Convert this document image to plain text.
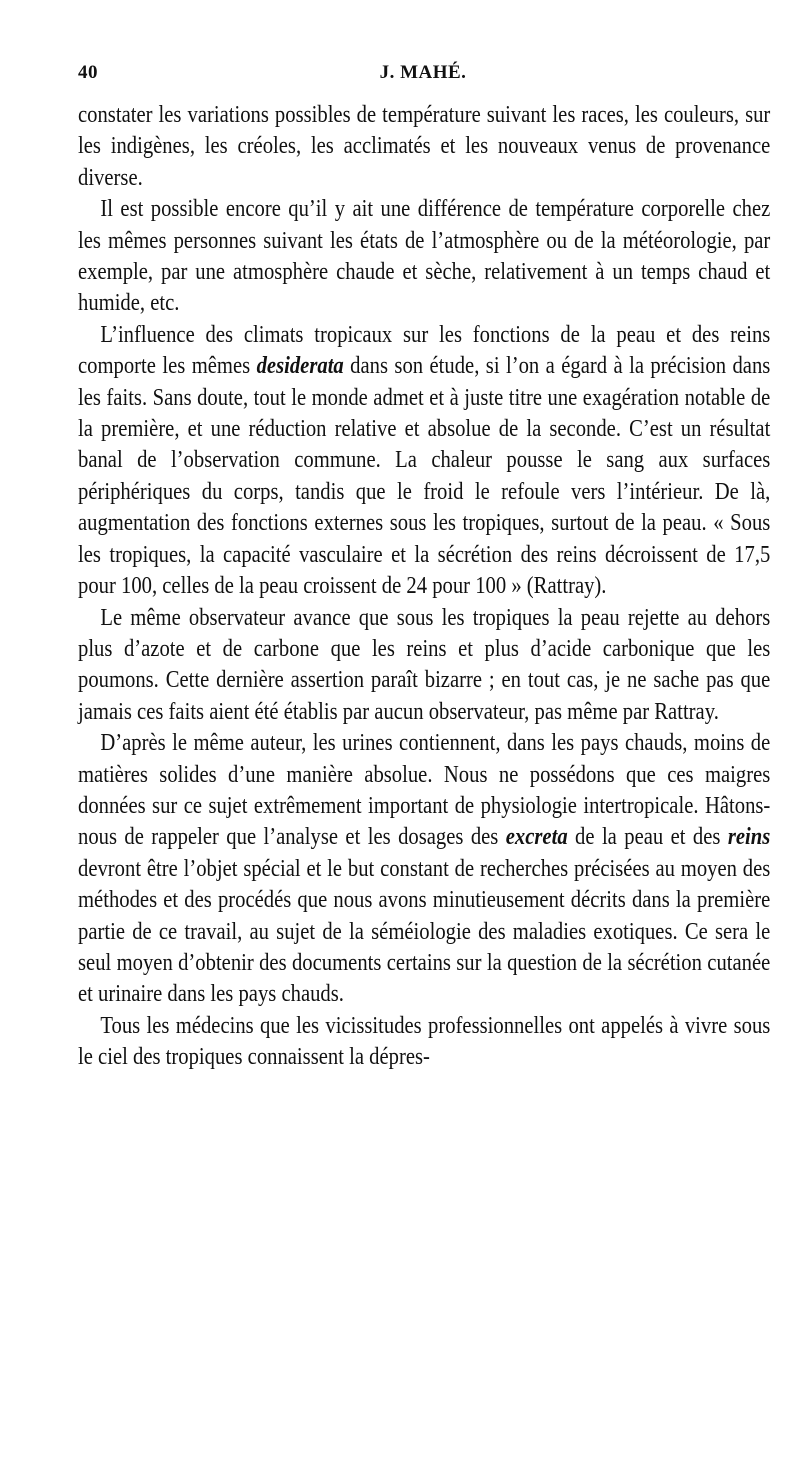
40	J. MAHÉ.

constater les variations possibles de température suivant les races, les couleurs, sur les indigènes, les créoles, les acclimatés et les nouveaux venus de provenance diverse.

Il est possible encore qu’il y ait une différence de température corporelle chez les mêmes personnes suivant les états de l’atmosphère ou de la météorologie, par exemple, par une atmosphère chaude et sèche, relativement à un temps chaud et humide, etc.

L’influence des climats tropicaux sur les fonctions de la peau et des reins comporte les mêmes desiderata dans son étude, si l’on a égard à la précision dans les faits. Sans doute, tout le monde admet et à juste titre une exagération notable de la première, et une réduction relative et absolue de la seconde. C’est un résultat banal de l’observation commune. La chaleur pousse le sang aux surfaces périphériques du corps, tandis que le froid le refoule vers l’intérieur. De là, augmentation des fonctions externes sous les tropiques, surtout de la peau. « Sous les tropiques, la capacité vasculaire et la sécrétion des reins décroissent de 17,5 pour 100, celles de la peau croissent de 24 pour 100 » (Rattray).

Le même observateur avance que sous les tropiques la peau rejette au dehors plus d’azote et de carbone que les reins et plus d’acide carbonique que les poumons. Cette dernière assertion paraît bizarre ; en tout cas, je ne sache pas que jamais ces faits aient été établis par aucun observateur, pas même par Rattray.

D’après le même auteur, les urines contiennent, dans les pays chauds, moins de matières solides d’une manière absolue. Nous ne possédons que ces maigres données sur ce sujet extrêmement important de physiologie intertropicale. Hâtons-nous de rappeler que l’analyse et les dosages des excreta de la peau et des reins devront être l’objet spécial et le but constant de recherches précisées au moyen des méthodes et des procédés que nous avons minutieusement décrits dans la première partie de ce travail, au sujet de la séméiologie des maladies exotiques. Ce sera le seul moyen d’obtenir des documents certains sur la question de la sécrétion cutanée et urinaire dans les pays chauds.

Tous les médecins que les vicissitudes professionnelles ont appelés à vivre sous le ciel des tropiques connaissent la dépres-
